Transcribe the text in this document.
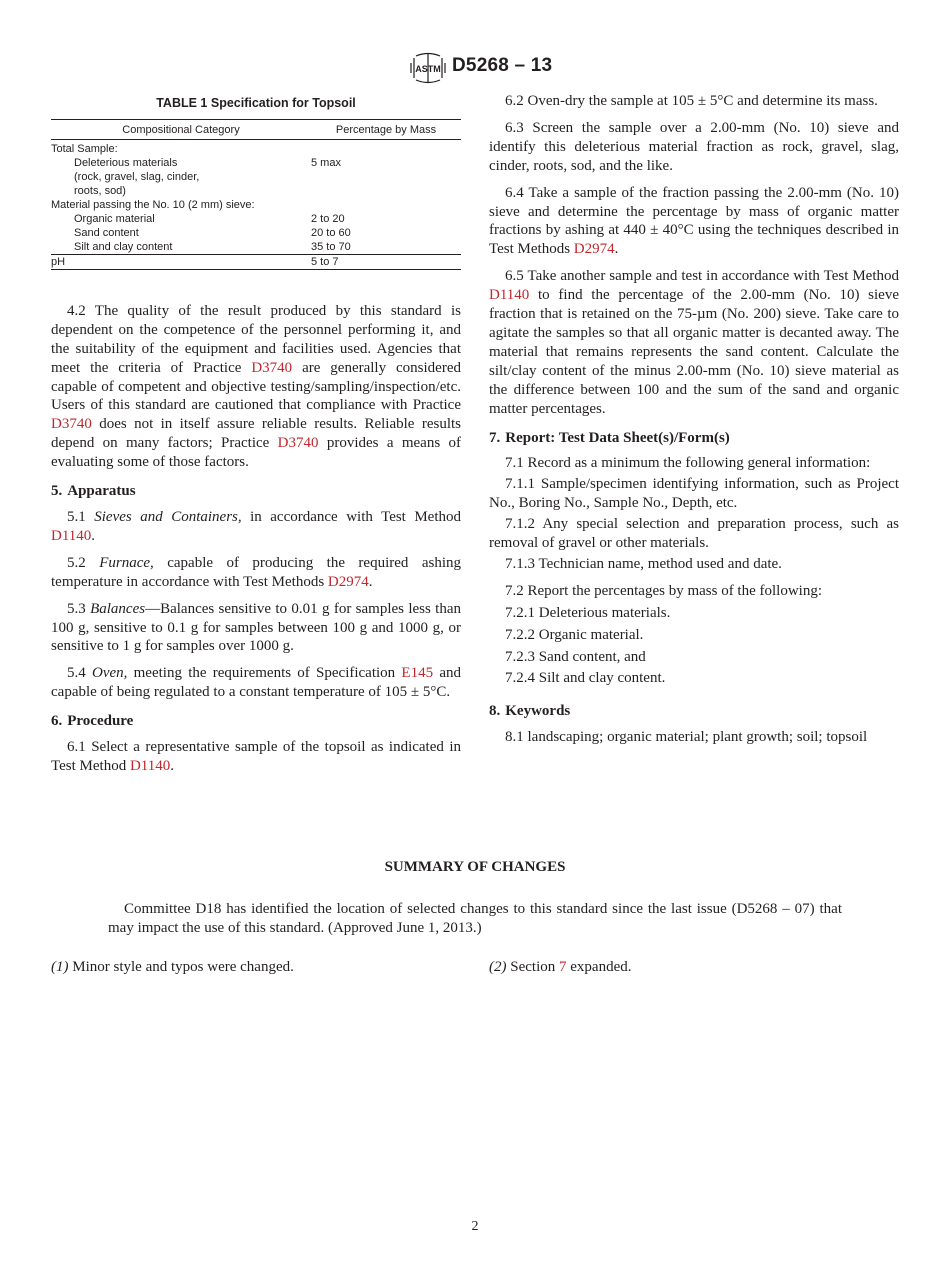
ASTM D5268 – 13
TABLE 1 Specification for Topsoil
Compositional Category	Percentage by Mass
Total Sample:	
Deleterious materials	5 max
(rock, gravel, slag, cinder,	
roots, sod)	
Material passing the No. 10 (2 mm) sieve:	
Organic material	2 to 20
Sand content	20 to 60
Silt and clay content	35 to 70
pH	5 to 7

4.2 The quality of the result produced by this standard is dependent on the competence of the personnel performing it, and the suitability of the equipment and facilities used. Agencies that meet the criteria of Practice D3740 are generally considered capable of competent and objective testing/sampling/inspection/etc. Users of this standard are cautioned that compliance with Practice D3740 does not in itself assure reliable results. Reliable results depend on many factors; Practice D3740 provides a means of evaluating some of those factors.

5. Apparatus

5.1 Sieves and Containers, in accordance with Test Method D1140.

5.2 Furnace, capable of producing the required ashing temperature in accordance with Test Methods D2974.

5.3 Balances—Balances sensitive to 0.01 g for samples less than 100 g, sensitive to 0.1 g for samples between 100 g and 1000 g, or sensitive to 1 g for samples over 1000 g.

5.4 Oven, meeting the requirements of Specification E145 and capable of being regulated to a constant temperature of 105 ± 5°C.

6. Procedure

6.1 Select a representative sample of the topsoil as indicated in Test Method D1140.

6.2 Oven-dry the sample at 105 ± 5°C and determine its mass.

6.3 Screen the sample over a 2.00-mm (No. 10) sieve and identify this deleterious material fraction as rock, gravel, slag, cinder, roots, sod, and the like.

6.4 Take a sample of the fraction passing the 2.00-mm (No. 10) sieve and determine the percentage by mass of organic matter fractions by ashing at 440 ± 40°C using the techniques described in Test Methods D2974.

6.5 Take another sample and test in accordance with Test Method D1140 to find the percentage of the 2.00-mm (No. 10) sieve fraction that is retained on the 75-µm (No. 200) sieve. Take care to agitate the samples so that all organic matter is decanted away. The material that remains represents the sand content. Calculate the silt/clay content of the minus 2.00-mm (No. 10) sieve material as the difference between 100 and the sum of the sand and organic matter percentages.

7. Report: Test Data Sheet(s)/Form(s)

7.1 Record as a minimum the following general information:

7.1.1 Sample/specimen identifying information, such as Project No., Boring No., Sample No., Depth, etc.

7.1.2 Any special selection and preparation process, such as removal of gravel or other materials.

7.1.3 Technician name, method used and date.

7.2 Report the percentages by mass of the following:

7.2.1 Deleterious materials.

7.2.2 Organic material.

7.2.3 Sand content, and

7.2.4 Silt and clay content.

8. Keywords

8.1 landscaping; organic material; plant growth; soil; topsoil

SUMMARY OF CHANGES

Committee D18 has identified the location of selected changes to this standard since the last issue (D5268 – 07) that may impact the use of this standard. (Approved June 1, 2013.)

(1) Minor style and typos were changed.	(2) Section 7 expanded.
2
